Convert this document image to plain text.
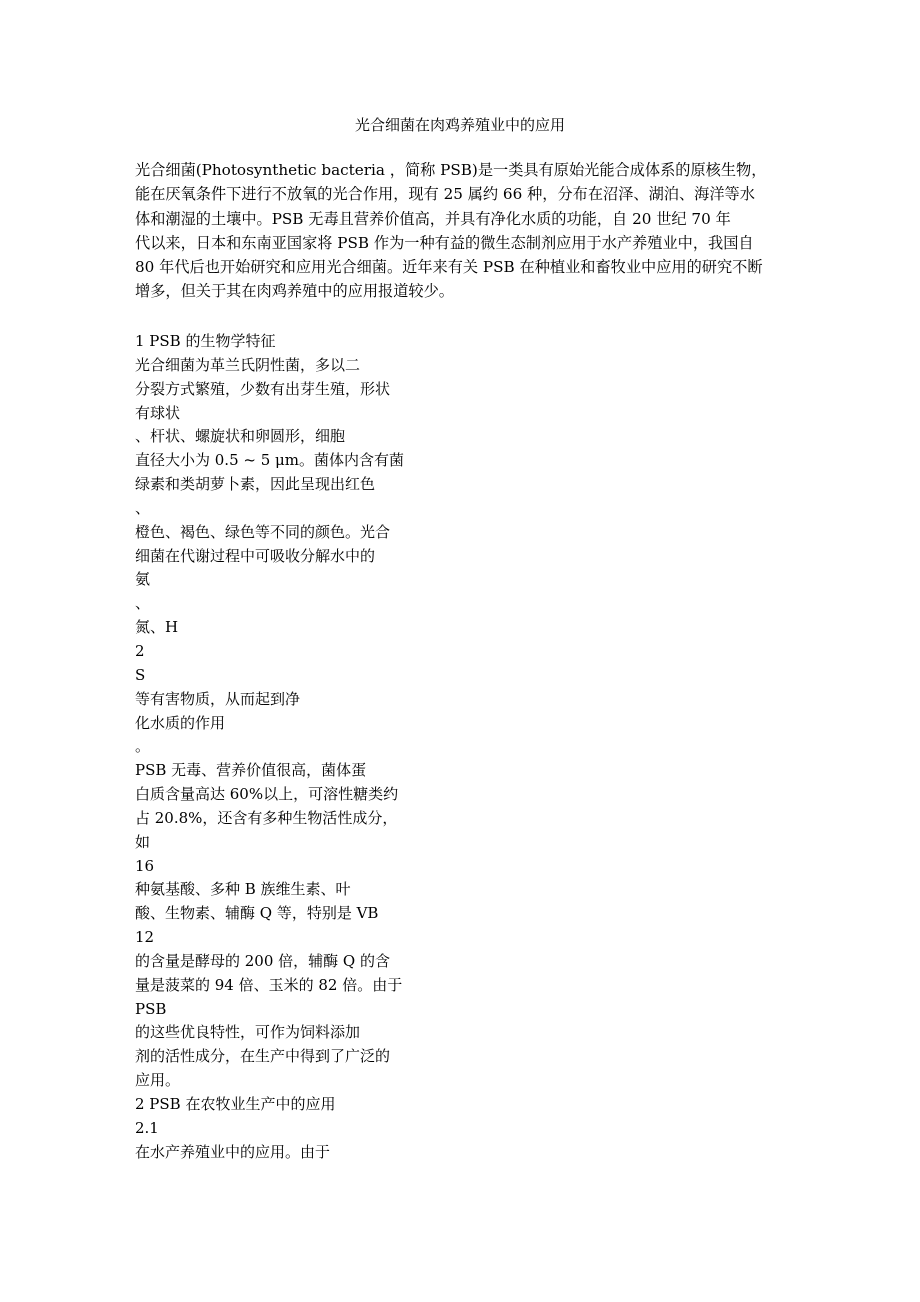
光合细菌在肉鸡养殖业中的应用
光合细菌(Photosynthetic bacteria ，简称 PSB)是一类具有原始光能合成体系的原核生物，
能在厌氧条件下进行不放氧的光合作用，现有 25 属约 66 种，分布在沼泽、湖泊、海洋等水
体和潮湿的土壤中。PSB 无毒且营养价值高，并具有净化水质的功能，自 20 世纪 70 年
代以来，日本和东南亚国家将 PSB 作为一种有益的微生态制剂应用于水产养殖业中，我国自
80 年代后也开始研究和应用光合细菌。近年来有关 PSB 在种植业和畜牧业中应用的研究不断
增多，但关于其在肉鸡养殖中的应用报道较少。
1 PSB 的生物学特征
光合细菌为革兰氏阴性菌，多以二
分裂方式繁殖，少数有出芽生殖，形状
有球状
、杆状、螺旋状和卵圆形，细胞
直径大小为 0.5 ~ 5 μm。菌体内含有菌
绿素和类胡萝卜素，因此呈现出红色
、
橙色、褐色、绿色等不同的颜色。光合
细菌在代谢过程中可吸收分解水中的
氨
、
氮、H
2
S
等有害物质，从而起到净
化水质的作用
。
PSB 无毒、营养价值很高，菌体蛋
白质含量高达 60%以上，可溶性糖类约
占 20.8%，还含有多种生物活性成分，
如
16
种氨基酸、多种 B 族维生素、叶
酸、生物素、辅酶 Q 等，特别是 VB
12
的含量是酵母的 200 倍，辅酶 Q 的含
量是菠菜的 94 倍、玉米的 82 倍。由于
PSB
的这些优良特性，可作为饲料添加
剂的活性成分，在生产中得到了广泛的
应用。
2 PSB 在农牧业生产中的应用
2.1
在水产养殖业中的应用。由于
